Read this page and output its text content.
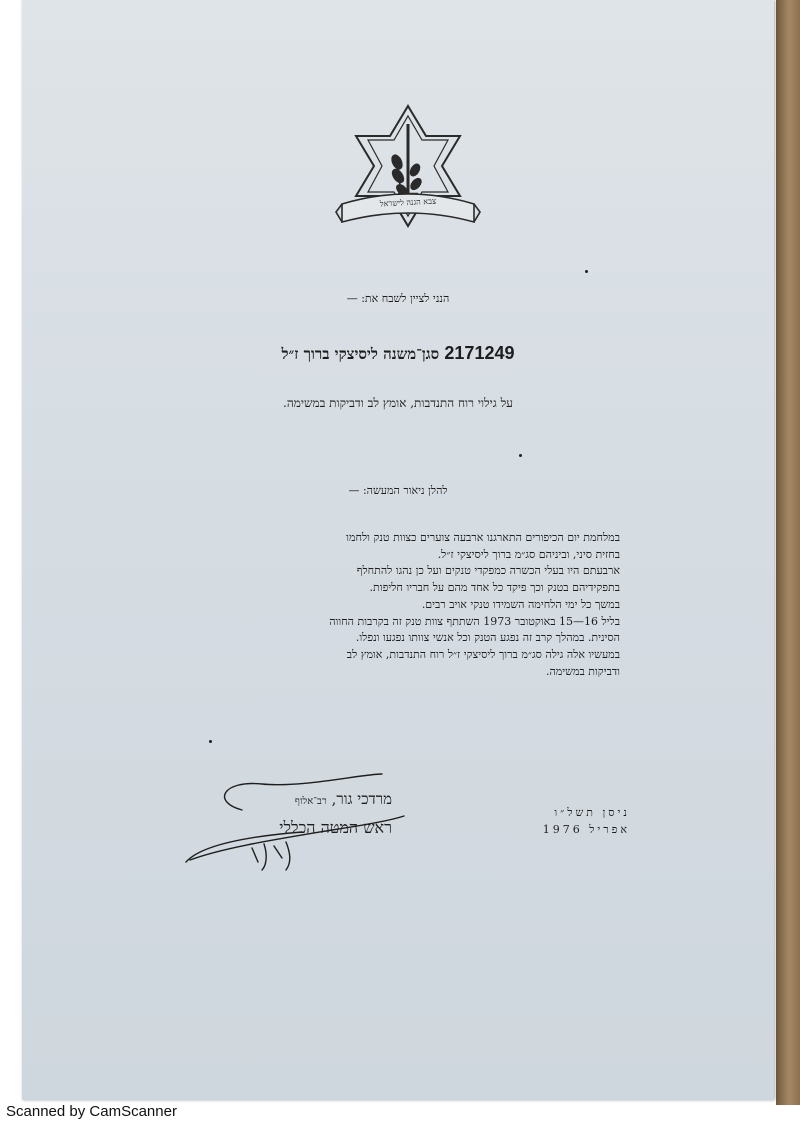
צבא הגנה לישראל
הנני לציין לשבח את: —
2171249 סגן־משנה ליסיצקי ברוך ז״ל
על גילוי רוח התנדבות, אומץ לב ודביקות במשימה.
להלן ניאור המעשה: —
במלחמת יום הכיפורים התארגנו ארבעה צוערים כצוות טנק ולחמו
בחזית סיני, וביניהם סג״מ ברוך ליסיצקי ז״ל.
ארבעתם היו בעלי הכשרה כמפקדי טנקים ועל כן נהגו להתחלף
בתפקידיהם בטנק וכך פיקד כל אחד מהם על חבריו חליפות.
במשך כל ימי הלחימה השמידו טנקי אויב רבים.
בליל 16—15 באוקטובר 1973 השתתף צוות טנק זה בקרבות החווה
הסינית. במהלך קרב זה נפגע הטנק וכל אנשי צוותו נפגעו ונפלו.
במעשיו אלה גילה סג״מ ברוך ליסיצקי ז״ל רוח התנדבות, אומץ לב
ודביקות במשימה.
מרדכי גור, רב־אלוף
ראש המטה הכללי
ניסן תשל״ו
אפריל 1976
Scanned by CamScanner
